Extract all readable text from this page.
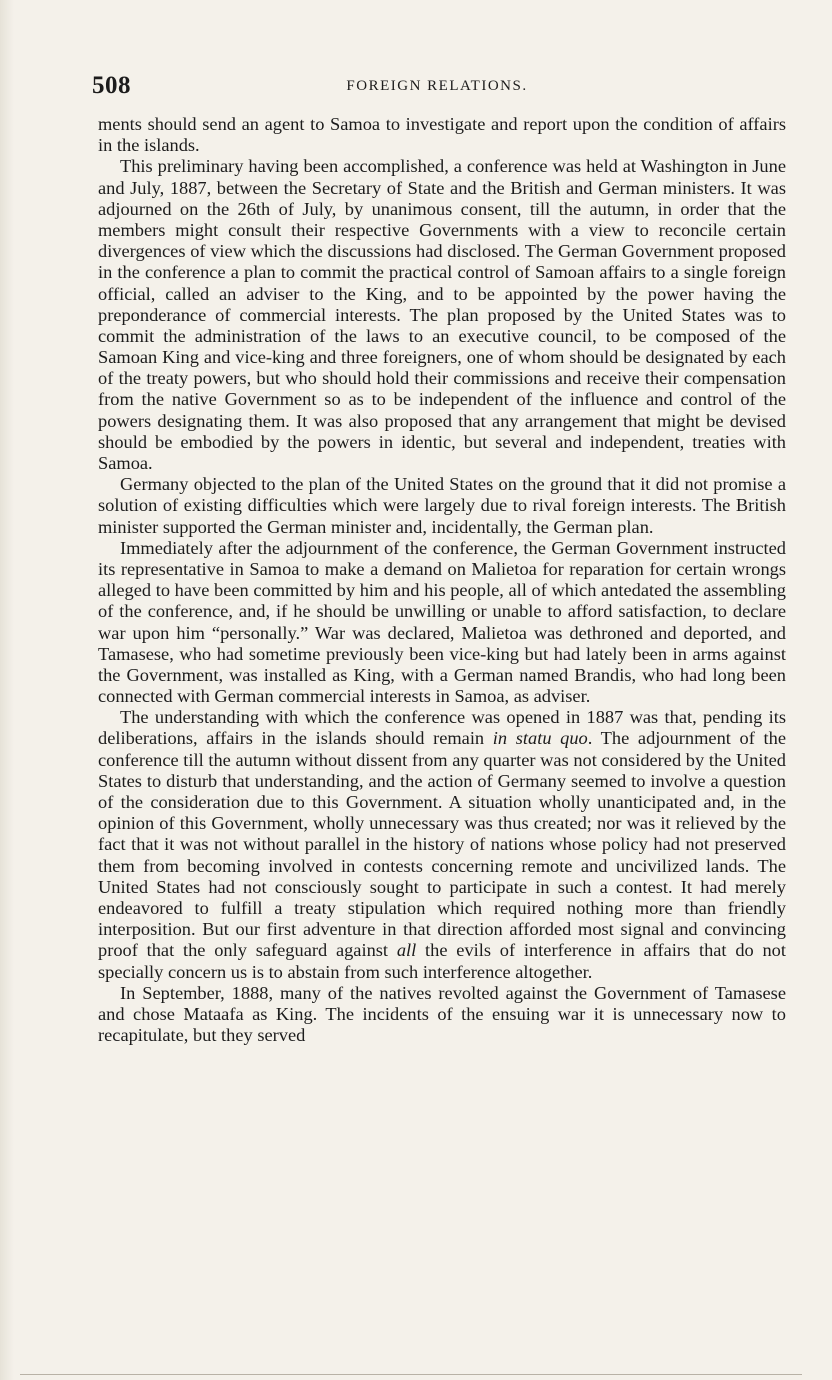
508	FOREIGN RELATIONS.

ments should send an agent to Samoa to investigate and report upon the condition of affairs in the islands.

This preliminary having been accomplished, a conference was held at Washington in June and July, 1887, between the Secretary of State and the British and German ministers. It was adjourned on the 26th of July, by unanimous consent, till the autumn, in order that the members might consult their respective Governments with a view to reconcile certain divergences of view which the discussions had disclosed. The German Government proposed in the conference a plan to commit the practical control of Samoan affairs to a single foreign official, called an adviser to the King, and to be appointed by the power having the preponderance of commercial interests. The plan proposed by the United States was to commit the administration of the laws to an executive council, to be composed of the Samoan King and vice-king and three foreigners, one of whom should be designated by each of the treaty powers, but who should hold their commissions and receive their compensation from the native Government so as to be independent of the influence and control of the powers designating them. It was also proposed that any arrangement that might be devised should be embodied by the powers in identic, but several and independent, treaties with Samoa.

Germany objected to the plan of the United States on the ground that it did not promise a solution of existing difficulties which were largely due to rival foreign interests. The British minister supported the German minister and, incidentally, the German plan.

Immediately after the adjournment of the conference, the German Government instructed its representative in Samoa to make a demand on Malietoa for reparation for certain wrongs alleged to have been committed by him and his people, all of which antedated the assembling of the conference, and, if he should be unwilling or unable to afford satisfaction, to declare war upon him “personally.” War was declared, Malietoa was dethroned and deported, and Tamasese, who had sometime previously been vice-king but had lately been in arms against the Government, was installed as King, with a German named Brandis, who had long been connected with German commercial interests in Samoa, as adviser.

The understanding with which the conference was opened in 1887 was that, pending its deliberations, affairs in the islands should remain in statu quo. The adjournment of the conference till the autumn without dissent from any quarter was not considered by the United States to disturb that understanding, and the action of Germany seemed to involve a question of the consideration due to this Government. A situation wholly unanticipated and, in the opinion of this Government, wholly unnecessary was thus created; nor was it relieved by the fact that it was not without parallel in the history of nations whose policy had not preserved them from becoming involved in contests concerning remote and uncivilized lands. The United States had not consciously sought to participate in such a contest. It had merely endeavored to fulfill a treaty stipulation which required nothing more than friendly interposition. But our first adventure in that direction afforded most signal and convincing proof that the only safeguard against all the evils of interference in affairs that do not specially concern us is to abstain from such interference altogether.

In September, 1888, many of the natives revolted against the Government of Tamasese and chose Mataafa as King. The incidents of the ensuing war it is unnecessary now to recapitulate, but they served
